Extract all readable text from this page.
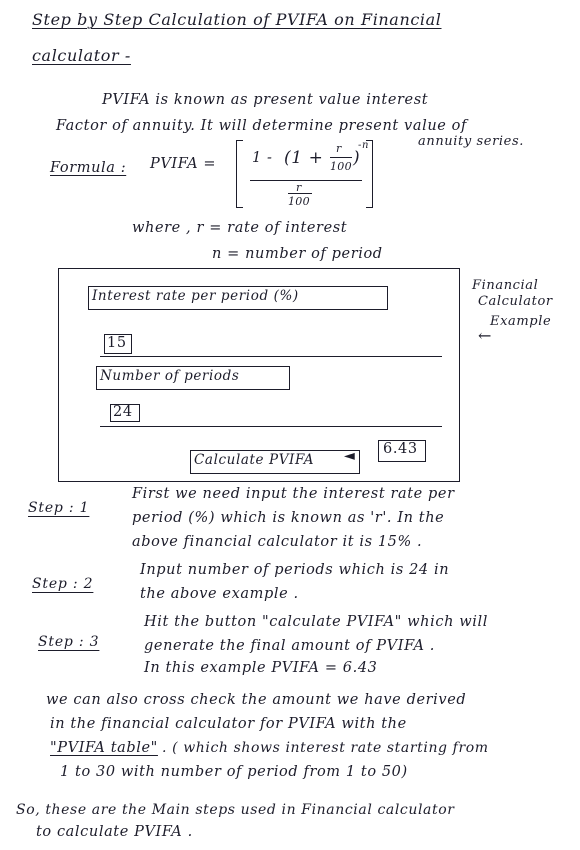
Step by Step Calculation of PVIFA on Financial
calculator -
PVIFA is known as present value interest
Factor of annuity. It will determine present value of
annuity series.
Formula : PVIFA = 1 - (1 + r
100 )
-n
r
100
where , r = rate of interest
n = number of period
Interest rate per period (%)
15
Number of periods
24
Calculate PVIFA ◄ 6.43
Financial
Calculator
Example
←
Step : 1
First we need input the interest rate per
period (%) which is known as 'r'. In the
above financial calculator it is 15% .
Step : 2
Input number of periods which is 24 in
the above example .
Step : 3
Hit the button "calculate PVIFA" which will
generate the final amount of PVIFA .
In this example PVIFA = 6.43
we can also cross check the amount we have derived
in the financial calculator for PVIFA with the
"PVIFA table" . ( which shows interest rate starting from
1 to 30 with number of period from 1 to 50)
So, these are the Main steps used in Financial calculator
to calculate PVIFA .
